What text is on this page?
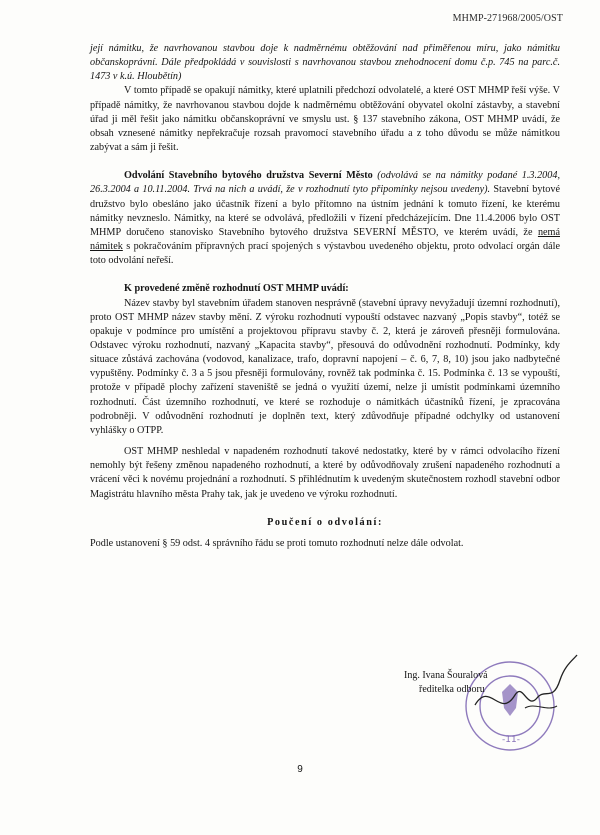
MHMP-271968/2005/OST

její námitku, že navrhovanou stavbou doje k nadměrnému obtěžování nad přiměřenou míru, jako námitku občanskoprávní. Dále předpokládá v souvislosti s navrhovanou stavbou znehodnocení domu č.p. 745 na parc.č. 1473 v k.ú. Hloubětín)

V tomto případě se opakují námitky, které uplatnili předchozí odvolatelé, a které OST MHMP řeší výše. V případě námitky, že navrhovanou stavbou dojde k nadměrnému obtěžování obyvatel okolní zástavby, a stavební úřad ji měl řešit jako námitku občanskoprávní ve smyslu ust. § 137 stavebního zákona, OST MHMP uvádí, že obsah vznesené námitky nepřekračuje rozsah pravomocí stavebního úřadu a z toho důvodu se může námitkou zabývat a sám ji řešit.

Odvolání Stavebního bytového družstva Severní Město (odvolává se na námitky podané 1.3.2004, 26.3.2004 a 10.11.2004. Trvá na nich a uvádí, že v rozhodnutí tyto připomínky nejsou uvedeny). Stavební bytové družstvo bylo obesláno jako účastník řízení a bylo přítomno na ústním jednání k tomuto řízení, ke kterému námitky nevzneslo. Námitky, na které se odvolává, předložili v řízení předcházejícím. Dne 11.4.2006 bylo OST MHMP doručeno stanovisko Stavebního bytového družstva SEVERNÍ MĚSTO, ve kterém uvádí, že nemá námitek s pokračováním přípravných prací spojených s výstavbou uvedeného objektu, proto odvolací orgán dále toto odvolání neřeší.

K provedené změně rozhodnutí OST MHMP uvádí:

Název stavby byl stavebním úřadem stanoven nesprávně (stavební úpravy nevyžadují územní rozhodnutí), proto OST MHMP název stavby mění. Z výroku rozhodnutí vypouští odstavec nazvaný „Popis stavby“, totéž se opakuje v podmínce pro umístění a projektovou přípravu stavby č. 2, která je zároveň přesněji formulována. Odstavec výroku rozhodnutí, nazvaný „Kapacita stavby“, přesouvá do odůvodnění rozhodnutí. Podmínky, kdy situace zůstává zachována (vodovod, kanalizace, trafo, dopravní napojení – č. 6, 7, 8, 10) jsou jako nadbytečné vypuštěny. Podmínky č. 3 a 5 jsou přesněji formulovány, rovněž tak podmínka č. 15. Podmínka č. 13 se vypouští, protože v případě plochy zařízení staveniště se jedná o využití území, nelze ji umístit podmínkami územního rozhodnutí. Část územního rozhodnutí, ve které se rozhoduje o námitkách účastníků řízení, je zpracována podrobněji. V odůvodnění rozhodnutí je doplněn text, který zdůvodňuje případné odchylky od ustanovení vyhlášky o OTPP.

OST MHMP neshledal v napadeném rozhodnutí takové nedostatky, které by v rámci odvolacího řízení nemohly být řešeny změnou napadeného rozhodnutí, a které by odůvodňovaly zrušení napadeného rozhodnutí a vrácení věci k novému projednání a rozhodnutí. S přihlédnutím k uvedeným skutečnostem rozhodl stavební odbor Magistrátu hlavního města Prahy tak, jak je uvedeno ve výroku rozhodnutí.

Poučení o odvolání:

Podle ustanovení § 59 odst. 4 správního řádu se proti tomuto rozhodnutí nelze dále odvolat.

-11-
Ing. Ivana Šouralová
ředitelka odboru
9
